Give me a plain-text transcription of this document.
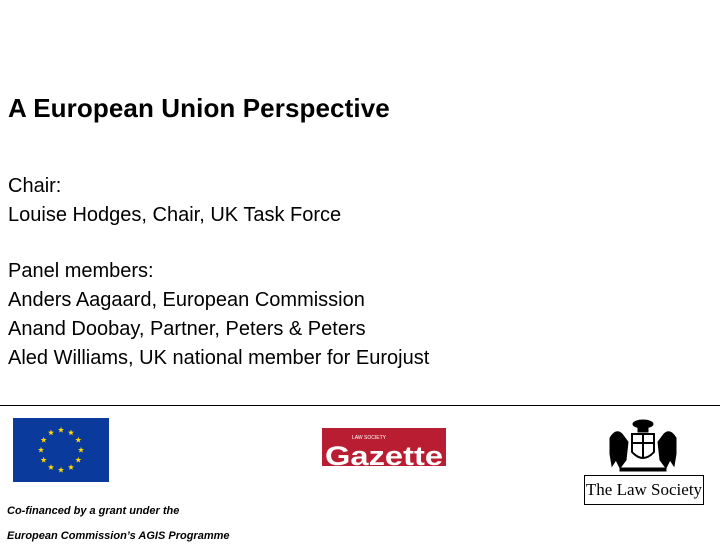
A European Union Perspective
Chair:
Louise Hodges, Chair, UK Task Force
Panel members:
Anders Aagaard, European Commission
Anand Doobay, Partner, Peters & Peters
Aled Williams, UK national member for Eurojust
LAW SOCIETY
Gazette
The Law Society
Co-financed by a grant under the
European Commission’s AGIS Programme
